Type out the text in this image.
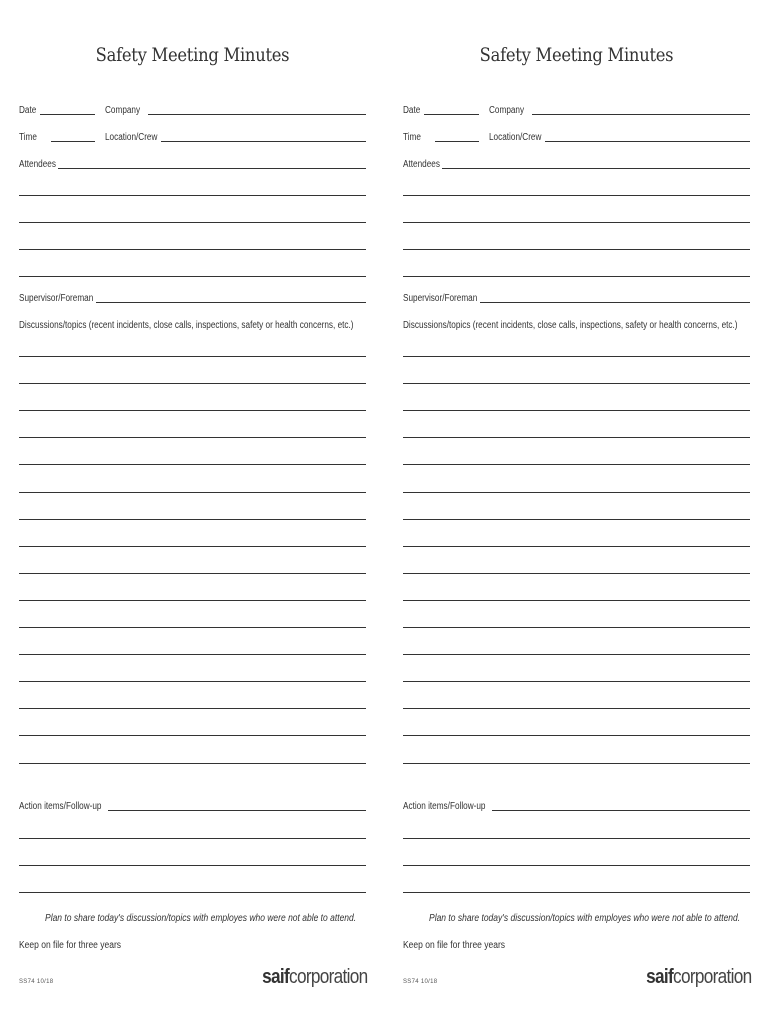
Safety Meeting Minutes
Date	Company
Time	Location/Crew
Attendees
Supervisor/Foreman
Discussions/topics (recent incidents, close calls, inspections, safety or health concerns, etc.)
Action items/Follow-up
Plan to share today's discussion/topics with employes who were not able to attend.
Keep on file for three years
SS74 10/18	saifcorporation
Safety Meeting Minutes
Date	Company
Time	Location/Crew
Attendees
Supervisor/Foreman
Discussions/topics (recent incidents, close calls, inspections, safety or health concerns, etc.)
Action items/Follow-up
Plan to share today's discussion/topics with employes who were not able to attend.
Keep on file for three years
SS74 10/18	saifcorporation
